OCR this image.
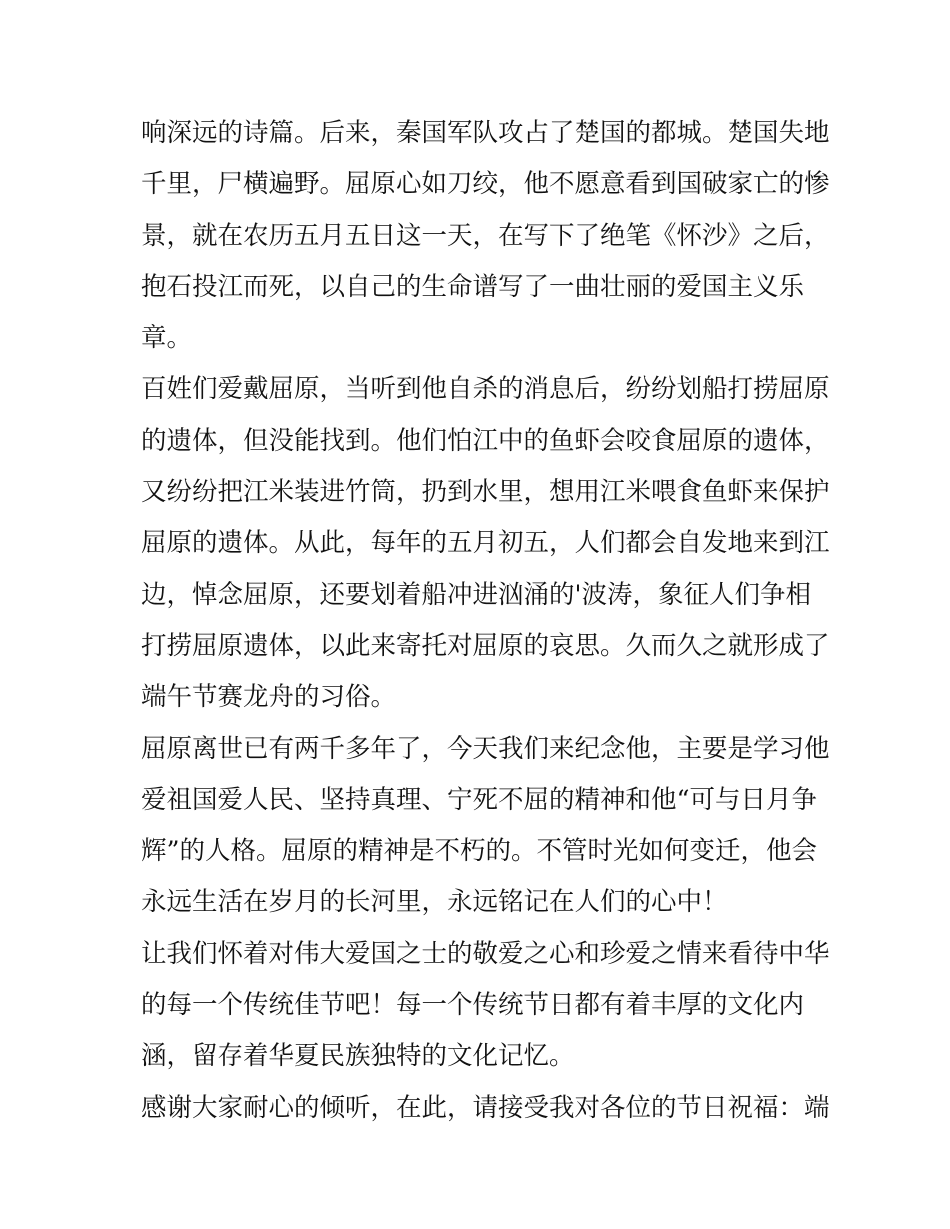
响深远的诗篇。后来，秦国军队攻占了楚国的都城。楚国失地
千里，尸横遍野。屈原心如刀绞，他不愿意看到国破家亡的惨
景，就在农历五月五日这一天，在写下了绝笔《怀沙》之后，
抱石投江而死，以自己的生命谱写了一曲壮丽的爱国主义乐
章。
百姓们爱戴屈原，当听到他自杀的消息后，纷纷划船打捞屈原
的遗体，但没能找到。他们怕江中的鱼虾会咬食屈原的遗体，
又纷纷把江米装进竹筒，扔到水里，想用江米喂食鱼虾来保护
屈原的遗体。从此，每年的五月初五，人们都会自发地来到江
边，悼念屈原，还要划着船冲进汹涌的'波涛，象征人们争相
打捞屈原遗体，以此来寄托对屈原的哀思。久而久之就形成了
端午节赛龙舟的习俗。
屈原离世已有两千多年了，今天我们来纪念他，主要是学习他
爱祖国爱人民、坚持真理、宁死不屈的精神和他“可与日月争
辉”的人格。屈原的精神是不朽的。不管时光如何变迁，他会
永远生活在岁月的长河里，永远铭记在人们的心中！
让我们怀着对伟大爱国之士的敬爱之心和珍爱之情来看待中华
的每一个传统佳节吧！每一个传统节日都有着丰厚的文化内
涵，留存着华夏民族独特的文化记忆。
感谢大家耐心的倾听，在此，请接受我对各位的节日祝福：端
